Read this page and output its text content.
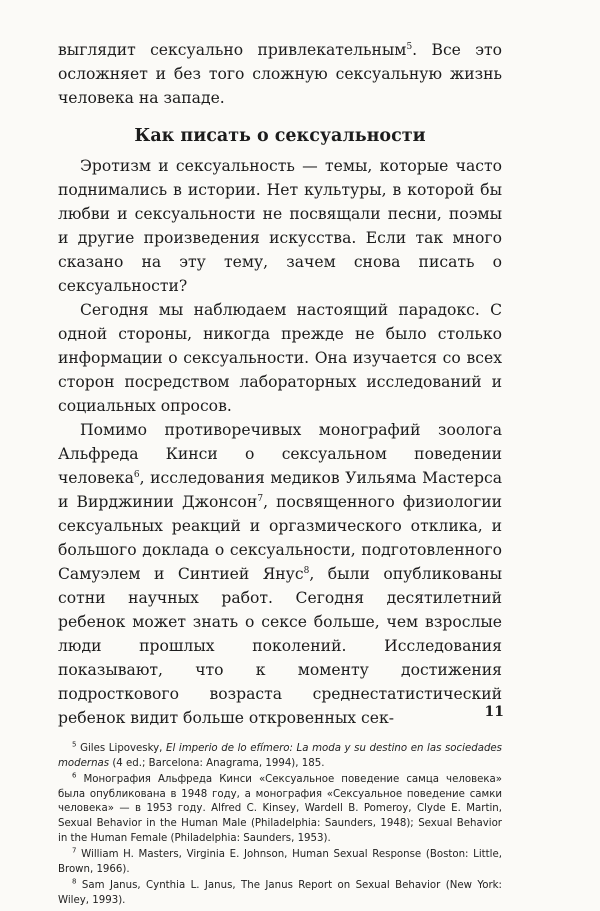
выглядит сексуально привлекательным$^5$. Все это осложняет и без того сложную сексуальную жизнь человека на западе.

Как писать о сексуальности

Эротизм и сексуальность — темы, которые часто поднимались в истории. Нет культуры, в которой бы любви и сексуальности не посвящали песни, поэмы и другие произведения искусства. Если так много сказано на эту тему, зачем снова писать о сексуальности?

Сегодня мы наблюдаем настоящий парадокс. С одной стороны, никогда прежде не было столько информации о сексуальности. Она изучается со всех сторон посредством лабораторных исследований и социальных опросов.

Помимо противоречивых монографий зоолога Альфреда Кинси о сексуальном поведении человека$^6$, исследования медиков Уильяма Мастерса и Вирджинии Джонсон$^7$, посвященного физиологии сексуальных реакций и оргазмического отклика, и большого доклада о сексуальности, подготовленного Самуэлем и Синтией Янус$^8$, были опубликованы сотни научных работ. Сегодня десятилетний ребенок может знать о сексе больше, чем взрослые люди прошлых поколений. Исследования показывают, что к моменту достижения подросткового возраста среднестатистический ребенок видит больше откровенных сек-

$^5$ Giles Lipovesky, El imperio de lo efímero: La moda y su destino en las sociedades modernas (4 ed.; Barcelona: Anagrama, 1994), 185.

$^6$ Монография Альфреда Кинси «Сексуальное поведение самца человека» была опубликована в 1948 году, а монография «Сексуальное поведение самки человека» — в 1953 году. Alfred C. Kinsey, Wardell B. Pomeroy, Clyde E. Martin, Sexual Behavior in the Human Male (Philadelphia: Saunders, 1948); Sexual Behavior in the Human Female (Philadelphia: Saunders, 1953).

$^7$ William H. Masters, Virginia E. Johnson, Human Sexual Response (Boston: Little, Brown, 1966).

$^8$ Sam Janus, Cynthia L. Janus, The Janus Report on Sexual Behavior (New York: Wiley, 1993).

11
